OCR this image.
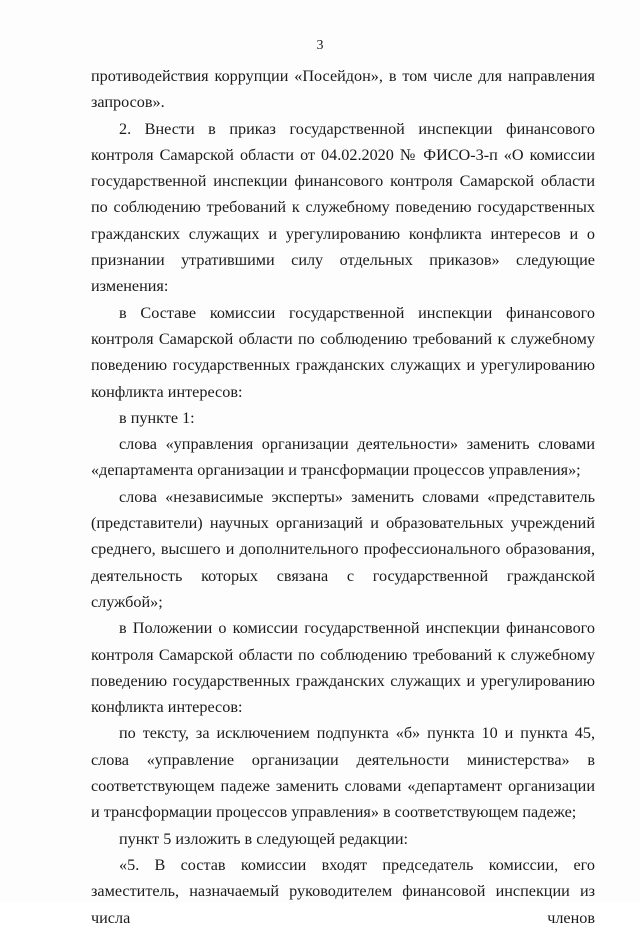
3

противодействия коррупции «Посейдон», в том числе для направления запросов».

2. Внести в приказ государственной инспекции финансового контроля Самарской области от 04.02.2020 № ФИСО-3-п «О комиссии государственной инспекции финансового контроля Самарской области по соблюдению требований к служебному поведению государственных гражданских служащих и урегулированию конфликта интересов и о признании утратившими силу отдельных приказов» следующие изменения:

в Составе комиссии государственной инспекции финансового контроля Самарской области по соблюдению требований к служебному поведению государственных гражданских служащих и урегулированию конфликта интересов:

в пункте 1:

слова «управления организации деятельности» заменить словами «департамента организации и трансформации процессов управления»;

слова «независимые эксперты» заменить словами «представитель (представители) научных организаций и образовательных учреждений среднего, высшего и дополнительного профессионального образования, деятельность которых связана с государственной гражданской службой»;

в Положении о комиссии государственной инспекции финансового контроля Самарской области по соблюдению требований к служебному поведению государственных гражданских служащих и урегулированию конфликта интересов:

по тексту, за исключением подпункта «б» пункта 10 и пункта 45, слова «управление организации деятельности министерства» в соответствующем падеже заменить словами «департамент организации и трансформации процессов управления» в соответствующем падеже;

пункт 5 изложить в следующей редакции:

«5. В состав комиссии входят председатель комиссии, его заместитель, назначаемый руководителем финансовой инспекции из числа членов
